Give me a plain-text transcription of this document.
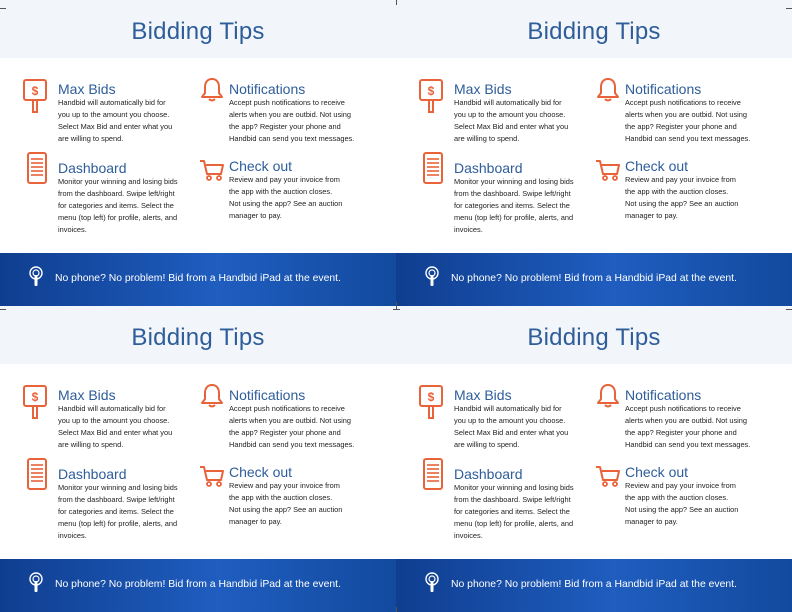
Bidding Tips
$ Max Bids
Handbid will automatically bid for
you up to the amount you choose.
Select Max Bid and enter what you
are willing to spend.
Notifications
Accept push notifications to receive
alerts when you are outbid. Not using
the app? Register your phone and
Handbid can send you text messages.
Dashboard
Monitor your winning and losing bids
from the dashboard. Swipe left/right
for categories and items. Select the
menu (top left) for profile, alerts, and
invoices.
Check out
Review and pay your invoice from
the app with the auction closes.
Not using the app? See an auction
manager to pay.
No phone? No problem! Bid from a Handbid iPad at the event.
Bidding Tips
$ Max Bids
Handbid will automatically bid for
you up to the amount you choose.
Select Max Bid and enter what you
are willing to spend.
Notifications
Accept push notifications to receive
alerts when you are outbid. Not using
the app? Register your phone and
Handbid can send you text messages.
Dashboard
Monitor your winning and losing bids
from the dashboard. Swipe left/right
for categories and items. Select the
menu (top left) for profile, alerts, and
invoices.
Check out
Review and pay your invoice from
the app with the auction closes.
Not using the app? See an auction
manager to pay.
No phone? No problem! Bid from a Handbid iPad at the event.
Bidding Tips
$ Max Bids
Handbid will automatically bid for
you up to the amount you choose.
Select Max Bid and enter what you
are willing to spend.
Notifications
Accept push notifications to receive
alerts when you are outbid. Not using
the app? Register your phone and
Handbid can send you text messages.
Dashboard
Monitor your winning and losing bids
from the dashboard. Swipe left/right
for categories and items. Select the
menu (top left) for profile, alerts, and
invoices.
Check out
Review and pay your invoice from
the app with the auction closes.
Not using the app? See an auction
manager to pay.
No phone? No problem! Bid from a Handbid iPad at the event.
Bidding Tips
$ Max Bids
Handbid will automatically bid for
you up to the amount you choose.
Select Max Bid and enter what you
are willing to spend.
Notifications
Accept push notifications to receive
alerts when you are outbid. Not using
the app? Register your phone and
Handbid can send you text messages.
Dashboard
Monitor your winning and losing bids
from the dashboard. Swipe left/right
for categories and items. Select the
menu (top left) for profile, alerts, and
invoices.
Check out
Review and pay your invoice from
the app with the auction closes.
Not using the app? See an auction
manager to pay.
No phone? No problem! Bid from a Handbid iPad at the event.
